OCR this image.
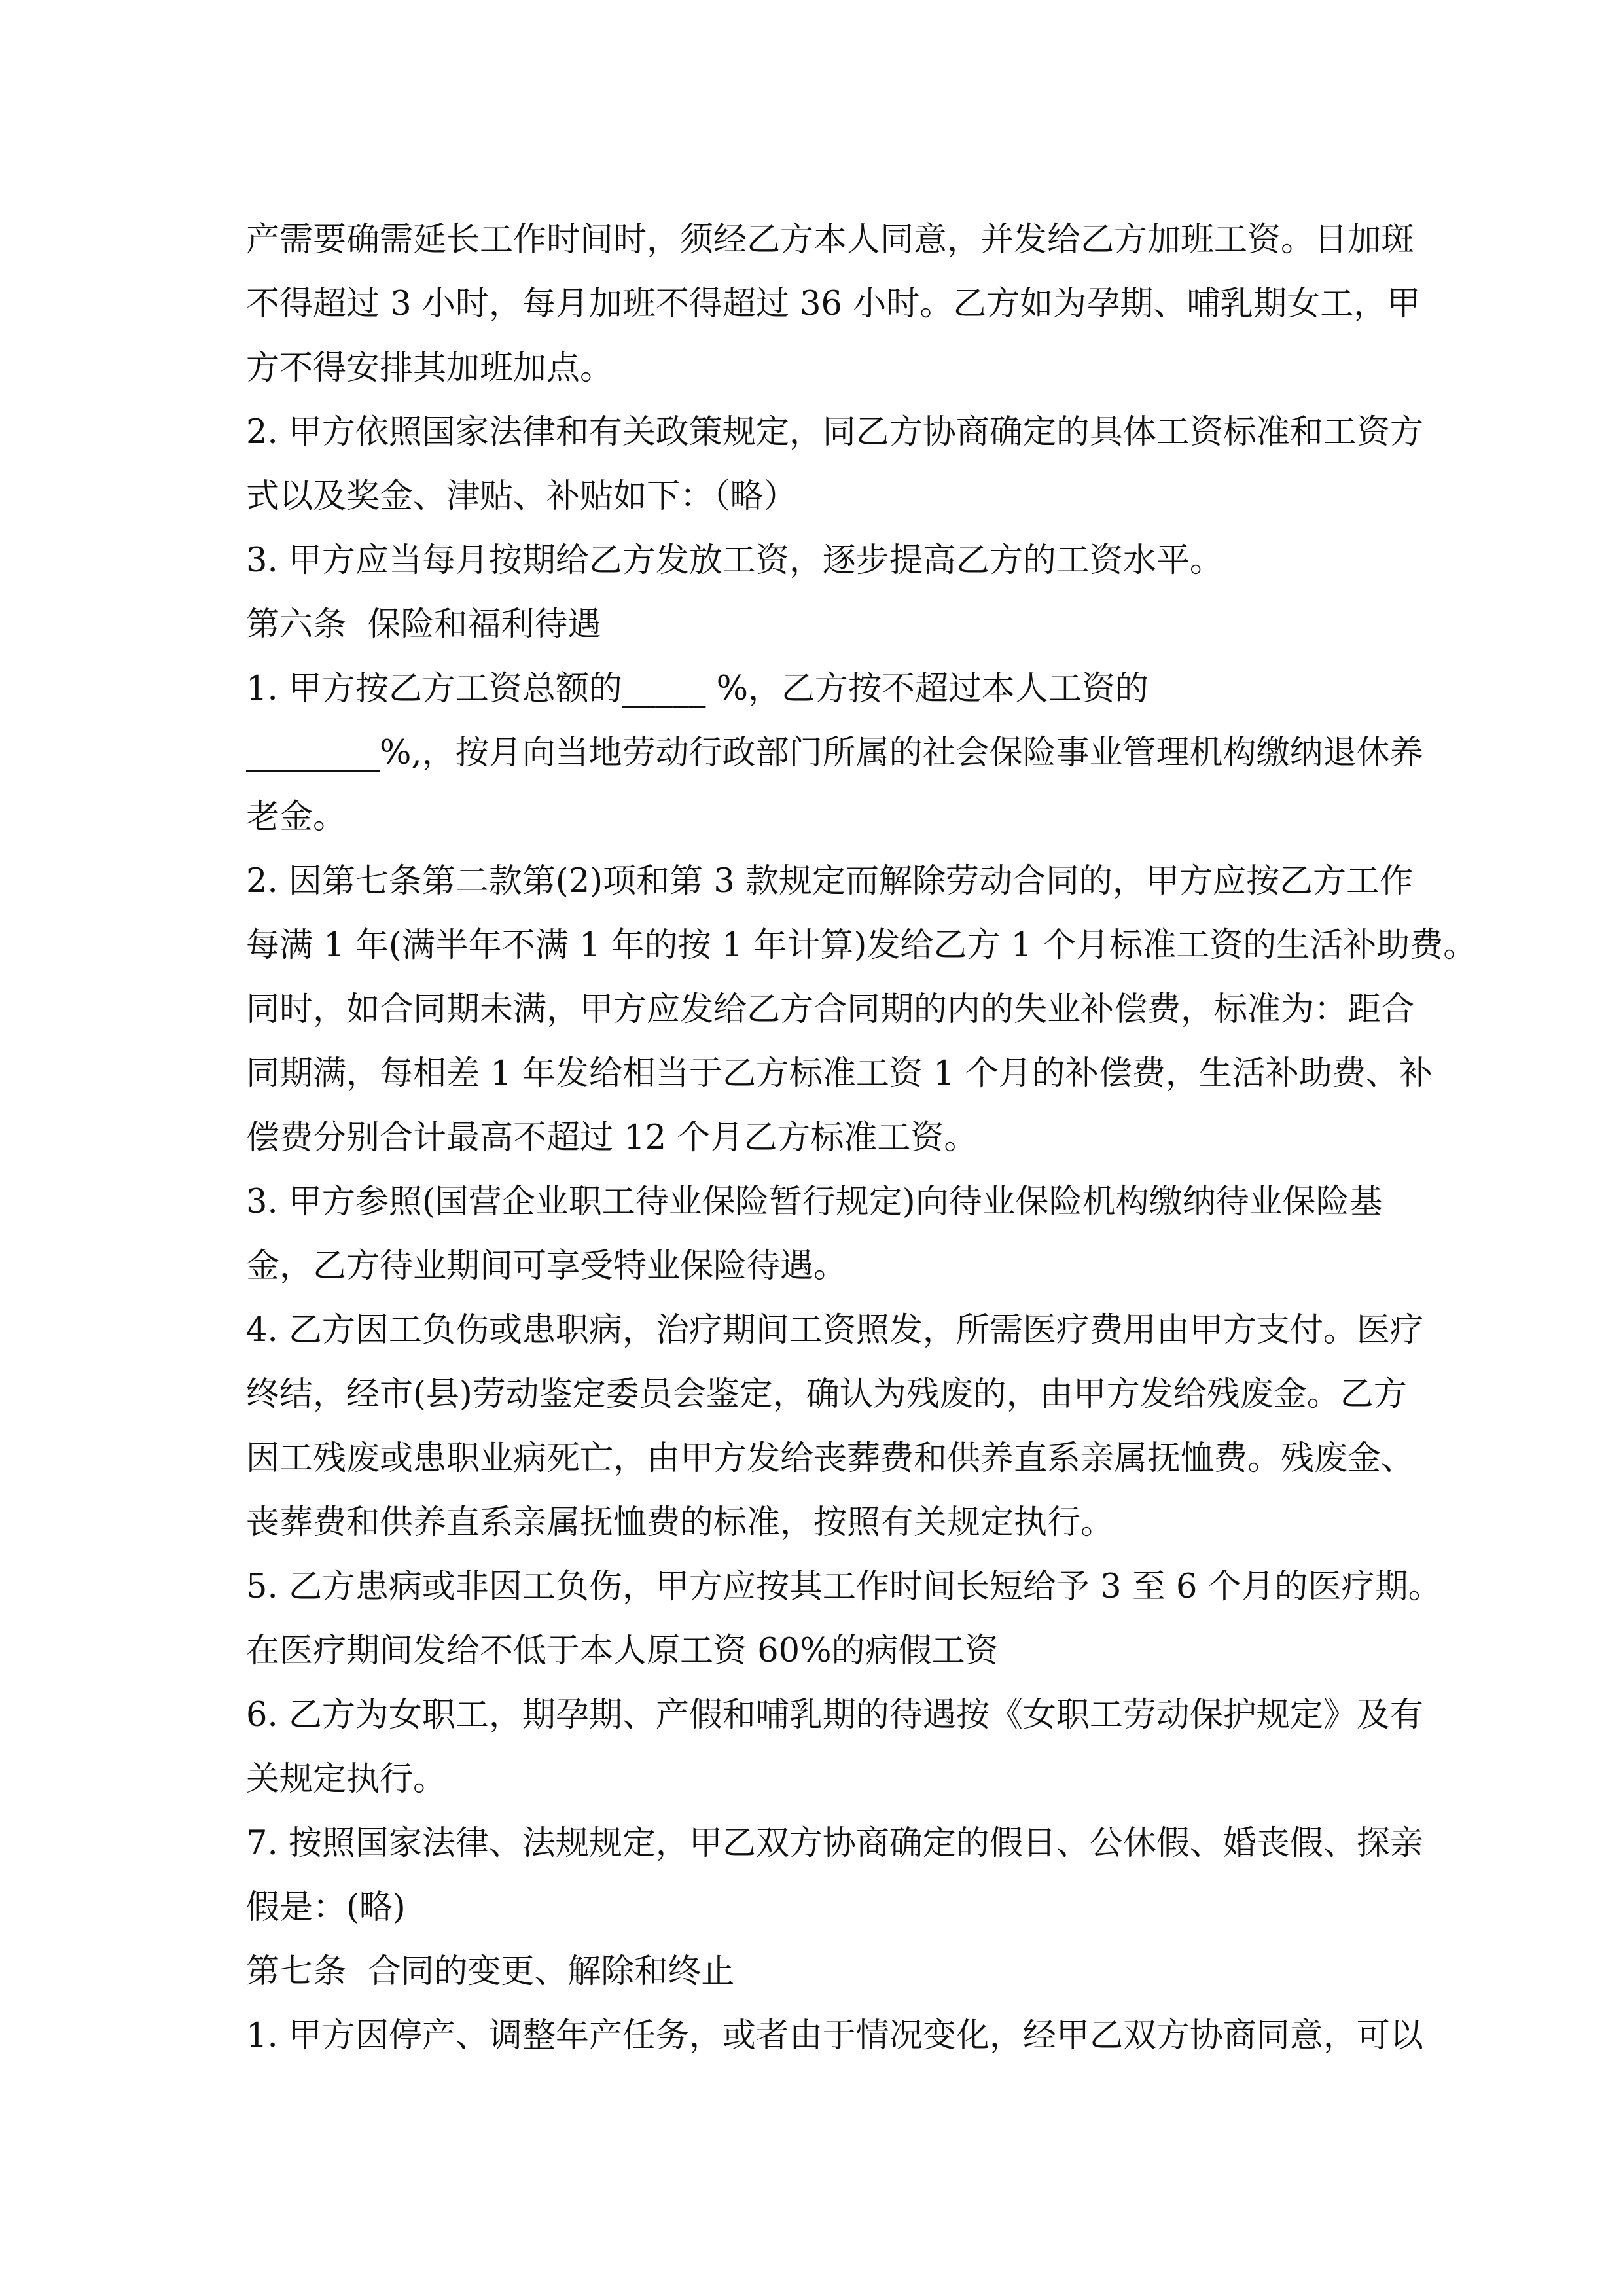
产需要确需延长工作时间时，须经乙方本人同意，并发给乙方加班工资。日加斑
不得超过 3 小时，每月加班不得超过 36 小时。乙方如为孕期、哺乳期女工，甲
方不得安排其加班加点。
2. 甲方依照国家法律和有关政策规定，同乙方协商确定的具体工资标准和工资方
式以及奖金、津贴、补贴如下：（略）
3. 甲方应当每月按期给乙方发放工资，逐步提高乙方的工资水平。
第六条  保险和福利待遇
1. 甲方按乙方工资总额的_____ %，乙方按不超过本人工资的
________%,，按月向当地劳动行政部门所属的社会保险事业管理机构缴纳退休养
老金。
2. 因第七条第二款第(2)项和第 3 款规定而解除劳动合同的，甲方应按乙方工作
每满 1 年(满半年不满 1 年的按 1 年计算)发给乙方 1 个月标准工资的生活补助费。
同时，如合同期未满，甲方应发给乙方合同期的内的失业补偿费，标准为：距合
同期满，每相差 1 年发给相当于乙方标准工资 1 个月的补偿费，生活补助费、补
偿费分别合计最高不超过 12 个月乙方标准工资。
3. 甲方参照(国营企业职工待业保险暂行规定)向待业保险机构缴纳待业保险基
金，乙方待业期间可享受特业保险待遇。
4. 乙方因工负伤或患职病，治疗期间工资照发，所需医疗费用由甲方支付。医疗
终结，经市(县)劳动鉴定委员会鉴定，确认为残废的，由甲方发给残废金。乙方
因工残废或患职业病死亡，由甲方发给丧葬费和供养直系亲属抚恤费。残废金、
丧葬费和供养直系亲属抚恤费的标准，按照有关规定执行。
5. 乙方患病或非因工负伤，甲方应按其工作时间长短给予 3 至 6 个月的医疗期。
在医疗期间发给不低于本人原工资 60%的病假工资
6. 乙方为女职工，期孕期、产假和哺乳期的待遇按《女职工劳动保护规定》及有
关规定执行。
7. 按照国家法律、法规规定，甲乙双方协商确定的假日、公休假、婚丧假、探亲
假是：(略)
第七条  合同的变更、解除和终止
1. 甲方因停产、调整年产任务，或者由于情况变化，经甲乙双方协商同意，可以
